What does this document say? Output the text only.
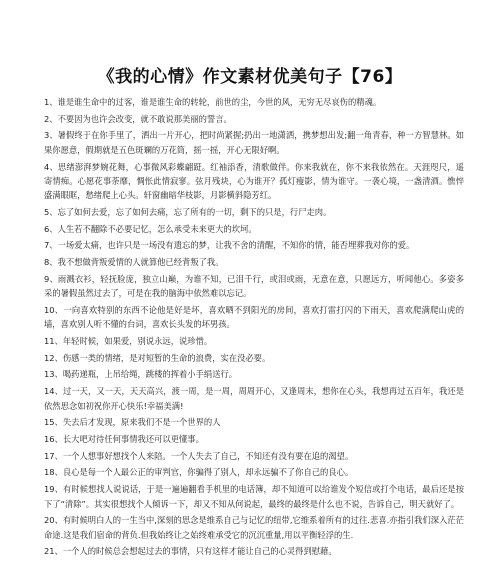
《我的心情》作文素材优美句子【76】
1、谁是谁生命中的过客，谁是谁生命的转轮，前世的尘，今世的风，无穷无尽哀伤的精魂。
2、不要因为也许会改变，就不敢说那美丽的誓言。
3、暑假终于在你手里了，洒出一片开心，把时尚紧握;扔出一地潇洒，携梦想出发;翻一角青春，种一方智慧林。如果你愿意，假期就是五色斑斓的万花筒，摇一摇，开心无限好啊。
4、思绪澎湃梦婉花舞，心事微风彩蝶翩跹。红袖添香，清歌做伴。你来我就在，你不来我依然在。天涯咫尺，遥寄情痴。心愿花事荼靡，惆怅此情寂寥。弦月残块，心为谁开？孤灯瘦影，情为谁守。一袭心境，一盏清酒。憔悴盛满眼眶，愁绪爬上心头。轩窗幽暗华枝影，月影横斜隐芳红。
5、忘了如何去爱，忘了如何去痛，忘了所有的一切，剩下的只是，行尸走肉。
6、人生若不翻除不必要记忆，怎么承受未来更大的坎坷。
7、一场爱太痛，也许只是一场没有遗忘的梦，让我不舍的清醒，不知你的情，能否埋葬我对你的爱。
8、我不想做背叛爱情的人就算他已经背叛了我。
9、雨溅衣衫，轻抚脸庞，独立山巅，为谁不知，已泪千行，或泪或雨，无意在意，只愿远方，听闻他心。多姿多采的暑假虽然过去了，可是在我的脑海中依然难以忘记。
10、一向喜欢特别的东西不论他是好是坏，喜欢晒不到阳光的房间，喜欢打雷打闪的下雨天，喜欢爬满爬山虎的墙，喜欢别人听不懂的台词，喜欢长头发的坏男孩。
11、年轻时候，如果爱，别说永远，说珍惜。
12、伤感一类的情绪，是对短暂的生命的浪费，实在没必要。
13、喝药递瓶，上吊给绳，跳楼的挥着小手绢送行。
14、过一天，又一天，天天高兴，渡一周，是一周，周周开心，又逢周末，想你在心头，我想再过五百年，我还是依然思念如初祝你开心快乐!幸福美满!
15、失去后才发现，原来我们不是一个世界的人
16、长大吧对待任何事情我还可以更懂事。
17、一个人想事好想找个人来陪。一个人失去了自己，不知还有没有要在追的渴望。
18、良心是每一个人最公正的审判官，你骗得了别人，却永远骗不了你自己的良心。
19、有时候想找人说说话，于是一遍遍翻看手机里的电话簿，却不知道可以给谁发个短信或打个电话，最后还是按下了“清除”。其实很想找个人倾诉一下，却又不知从何说起，最终的最终是什么也不说，告诉自己，明天就好了。
20、有时候明白人的一生当中,深刻的思念是维系自己与记忆的纽带,它维系着所有的过往.悲喜.亦指引我们深入茫茫命途.这是我们宿命的背负.但我始终让之始终难承受它的沉沉重量,用以平衡轻浮的生.
21、一个人的时候总会想起过去的事情，只有这样才能让自己的心灵得到慰藉。
